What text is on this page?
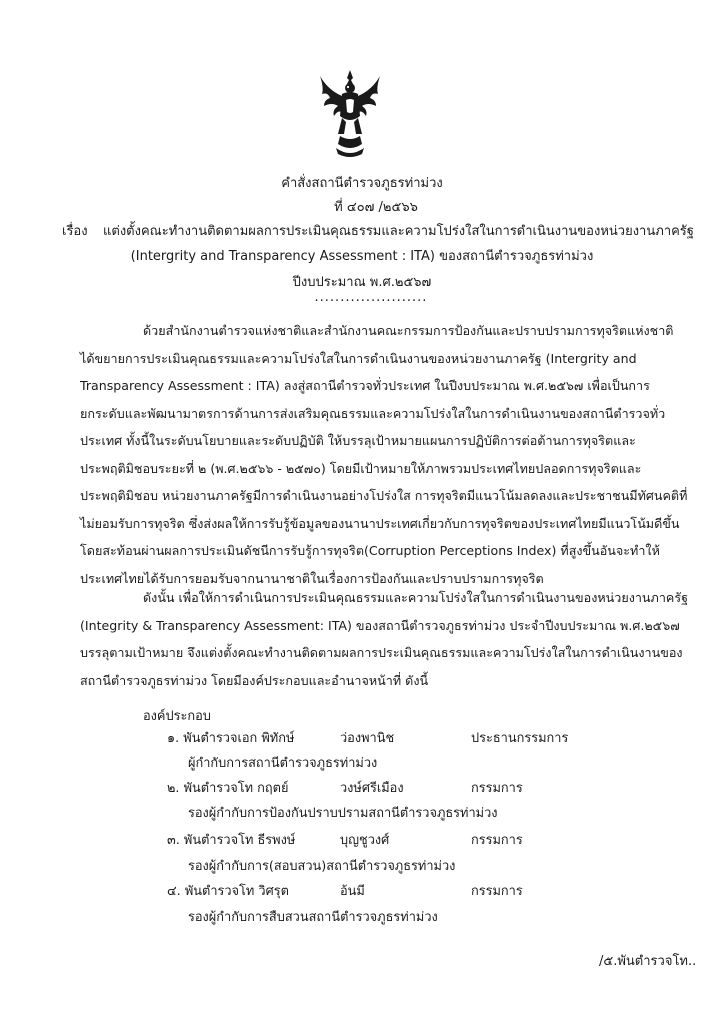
คำสั่งสถานีตำรวจภูธรท่าม่วง
ที่ ๔๐๗ /๒๕๖๖
เรื่อง แต่งตั้งคณะทำงานติดตามผลการประเมินคุณธรรมและความโปร่งใสในการดำเนินงานของหน่วยงานภาครัฐ
(Intergrity and Transparency Assessment : ITA) ของสถานีตำรวจภูธรท่าม่วง
ปีงบประมาณ พ.ศ.๒๕๖๗
......................
ด้วยสำนักงานตำรวจแห่งชาติและสำนักงานคณะกรรมการป้องกันและปราบปรามการทุจริตแห่งชาติ
ได้ขยายการประเมินคุณธรรมและความโปร่งใสในการดำเนินงานของหน่วยงานภาครัฐ (Intergrity and
Transparency Assessment : ITA) ลงสู่สถานีตำรวจทั่วประเทศ ในปีงบประมาณ พ.ศ.๒๕๖๗ เพื่อเป็นการ
ยกระดับและพัฒนามาตรการด้านการส่งเสริมคุณธรรมและความโปร่งใสในการดำเนินงานของสถานีตำรวจทั่ว
ประเทศ ทั้งนี้ในระดับนโยบายและระดับปฏิบัติ ให้บรรลุเป้าหมายแผนการปฏิบัติการต่อต้านการทุจริตและ
ประพฤติมิชอบระยะที่ ๒ (พ.ศ.๒๕๖๖ - ๒๕๗๐) โดยมีเป้าหมายให้ภาพรวมประเทศไทยปลอดการทุจริตและ
ประพฤติมิชอบ หน่วยงานภาครัฐมีการดำเนินงานอย่างโปร่งใส การทุจริตมีแนวโน้มลดลงและประชาชนมีทัศนคติที่
ไม่ยอมรับการทุจริต ซึ่งส่งผลให้การรับรู้ข้อมูลของนานาประเทศเกี่ยวกับการทุจริตของประเทศไทยมีแนวโน้มดีขึ้น
โดยสะท้อนผ่านผลการประเมินดัชนีการรับรู้การทุจริต(Corruption Perceptions Index) ที่สูงขึ้นอันจะทำให้
ประเทศไทยได้รับการยอมรับจากนานาชาติในเรื่องการป้องกันและปราบปรามการทุจริต
ดังนั้น เพื่อให้การดำเนินการประเมินคุณธรรมและความโปร่งใสในการดำเนินงานของหน่วยงานภาครัฐ
(Integrity & Transparency Assessment: ITA) ของสถานีตำรวจภูธรท่าม่วง ประจำปีงบประมาณ พ.ศ.๒๕๖๗
บรรลุตามเป้าหมาย จึงแต่งตั้งคณะทำงานติดตามผลการประเมินคุณธรรมและความโปร่งใสในการดำเนินงานของ
สถานีตำรวจภูธรท่าม่วง โดยมีองค์ประกอบและอำนาจหน้าที่ ดังนี้
องค์ประกอบ
๑. พันตำรวจเอก พิทักษ์	ว่องพานิช	ประธานกรรมการ
ผู้กำกับการสถานีตำรวจภูธรท่าม่วง
๒. พันตำรวจโท กฤตย์	วงษ์ศรีเมือง	กรรมการ
รองผู้กำกับการป้องกันปราบปรามสถานีตำรวจภูธรท่าม่วง
๓. พันตำรวจโท ธีรพงษ์	บุญชูวงศ์	กรรมการ
รองผู้กำกับการ(สอบสวน)สถานีตำรวจภูธรท่าม่วง
๔. พันตำรวจโท วิศรุต	อ้นมี	กรรมการ
รองผู้กำกับการสืบสวนสถานีตำรวจภูธรท่าม่วง
/๕.พันตำรวจโท..
